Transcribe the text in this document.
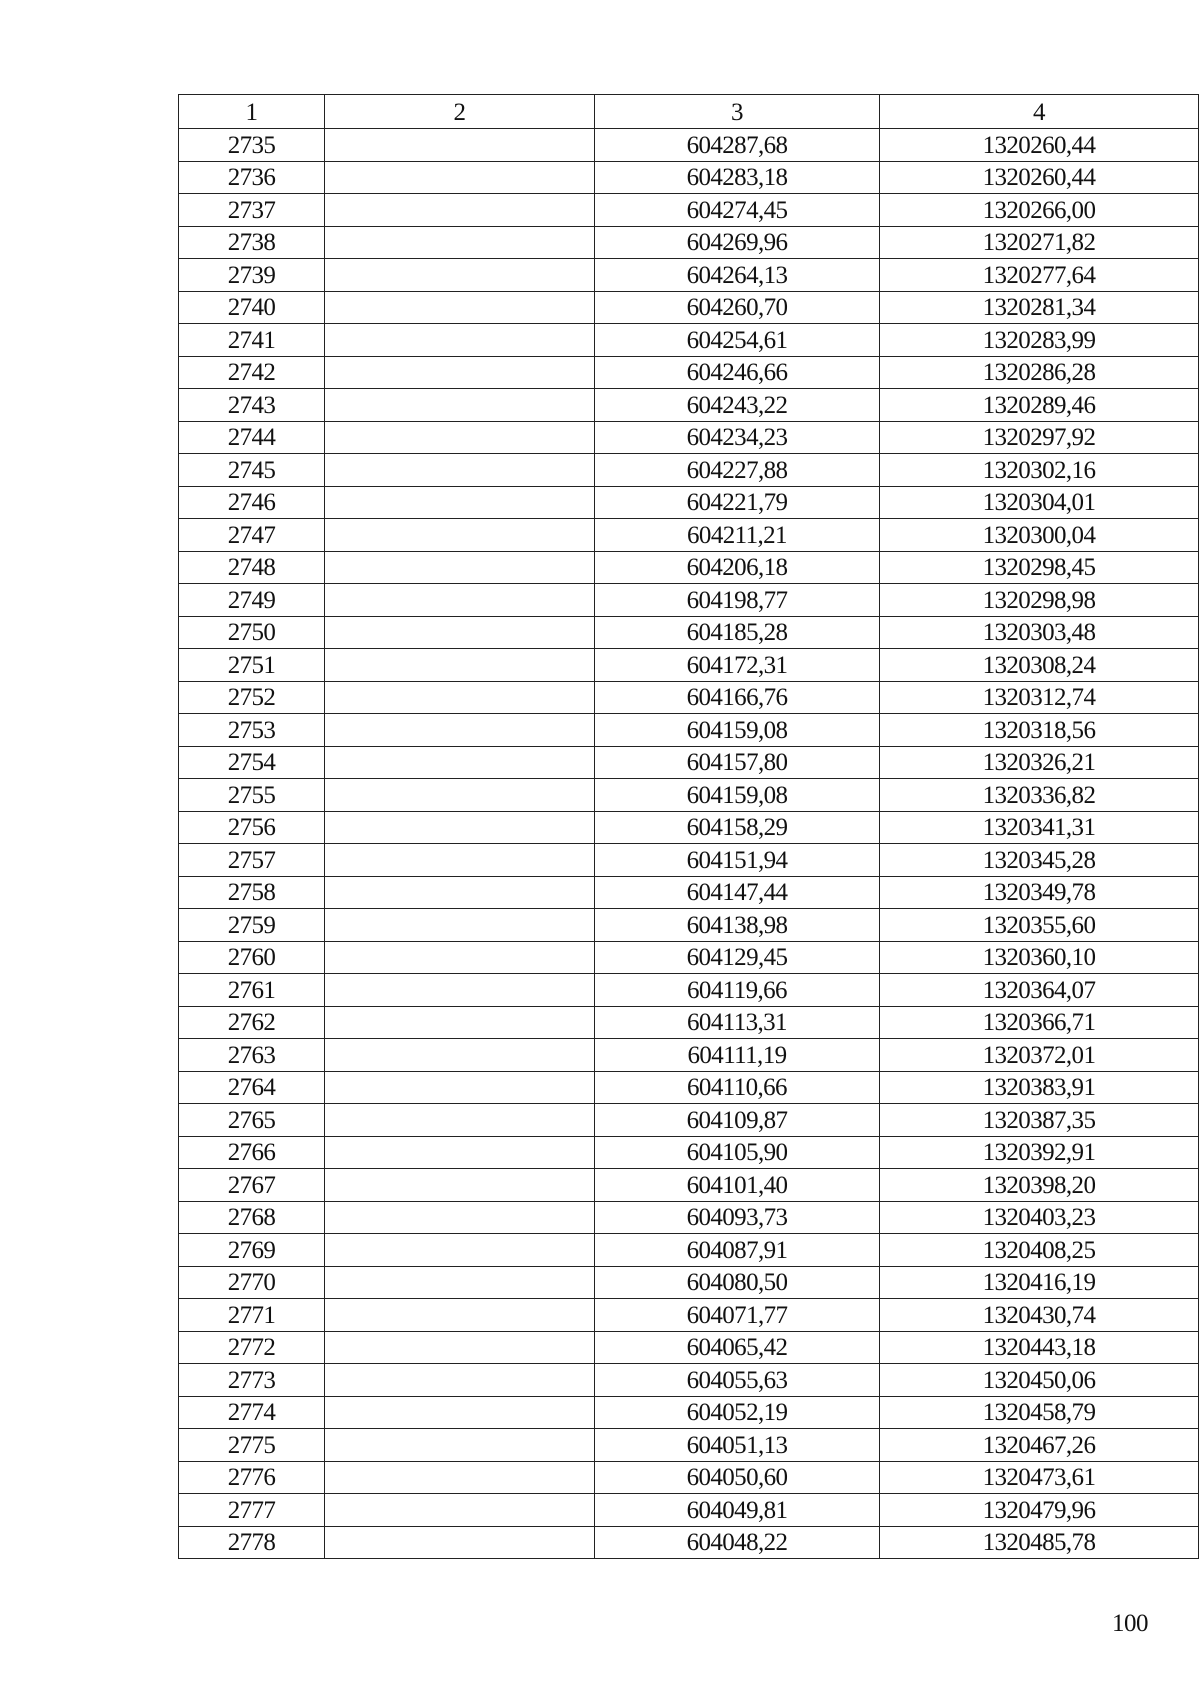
1	2	3	4
2735		604287,68	1320260,44
2736		604283,18	1320260,44
2737		604274,45	1320266,00
2738		604269,96	1320271,82
2739		604264,13	1320277,64
2740		604260,70	1320281,34
2741		604254,61	1320283,99
2742		604246,66	1320286,28
2743		604243,22	1320289,46
2744		604234,23	1320297,92
2745		604227,88	1320302,16
2746		604221,79	1320304,01
2747		604211,21	1320300,04
2748		604206,18	1320298,45
2749		604198,77	1320298,98
2750		604185,28	1320303,48
2751		604172,31	1320308,24
2752		604166,76	1320312,74
2753		604159,08	1320318,56
2754		604157,80	1320326,21
2755		604159,08	1320336,82
2756		604158,29	1320341,31
2757		604151,94	1320345,28
2758		604147,44	1320349,78
2759		604138,98	1320355,60
2760		604129,45	1320360,10
2761		604119,66	1320364,07
2762		604113,31	1320366,71
2763		604111,19	1320372,01
2764		604110,66	1320383,91
2765		604109,87	1320387,35
2766		604105,90	1320392,91
2767		604101,40	1320398,20
2768		604093,73	1320403,23
2769		604087,91	1320408,25
2770		604080,50	1320416,19
2771		604071,77	1320430,74
2772		604065,42	1320443,18
2773		604055,63	1320450,06
2774		604052,19	1320458,79
2775		604051,13	1320467,26
2776		604050,60	1320473,61
2777		604049,81	1320479,96
2778		604048,22	1320485,78
100
